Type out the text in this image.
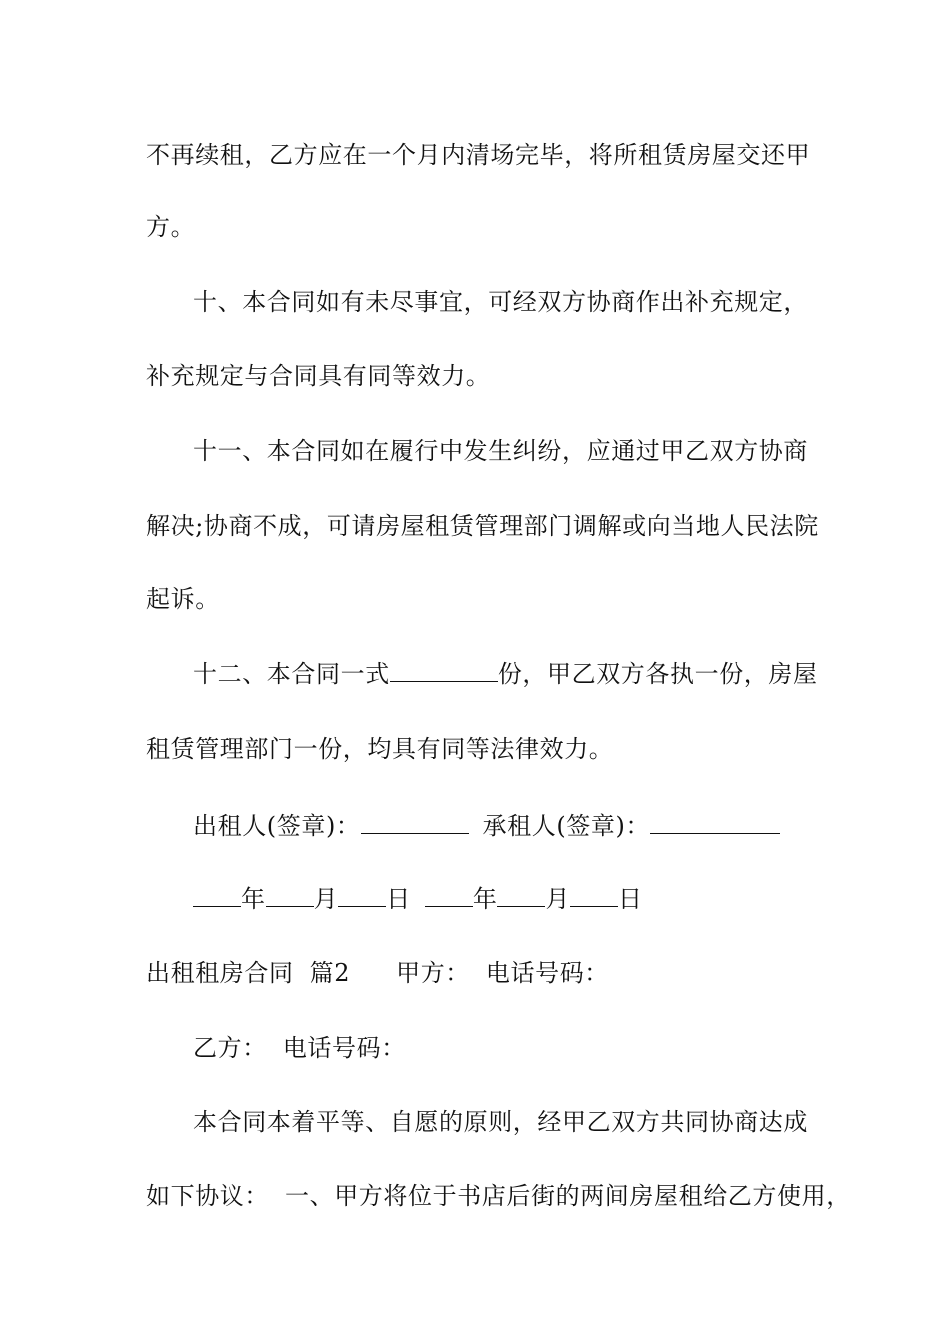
不再续租，乙方应在一个月内清场完毕，将所租赁房屋交还甲
方。
十、本合同如有未尽事宜，可经双方协商作出补充规定，
补充规定与合同具有同等效力。
十一、本合同如在履行中发生纠纷，应通过甲乙双方协商
解决;协商不成，可请房屋租赁管理部门调解或向当地人民法院
起诉。
十二、本合同一式	份，甲乙双方各执一份，房屋
租赁管理部门一份，均具有同等法律效力。
出租人(签章)：	承租人(签章)：
年 月 日	年 月 日
出租租房合同 篇2 甲方： 电话号码：
乙方： 电话号码：
本合同本着平等、自愿的原则，经甲乙双方共同协商达成
如下协议： 一、甲方将位于书店后街的两间房屋租给乙方使用，
